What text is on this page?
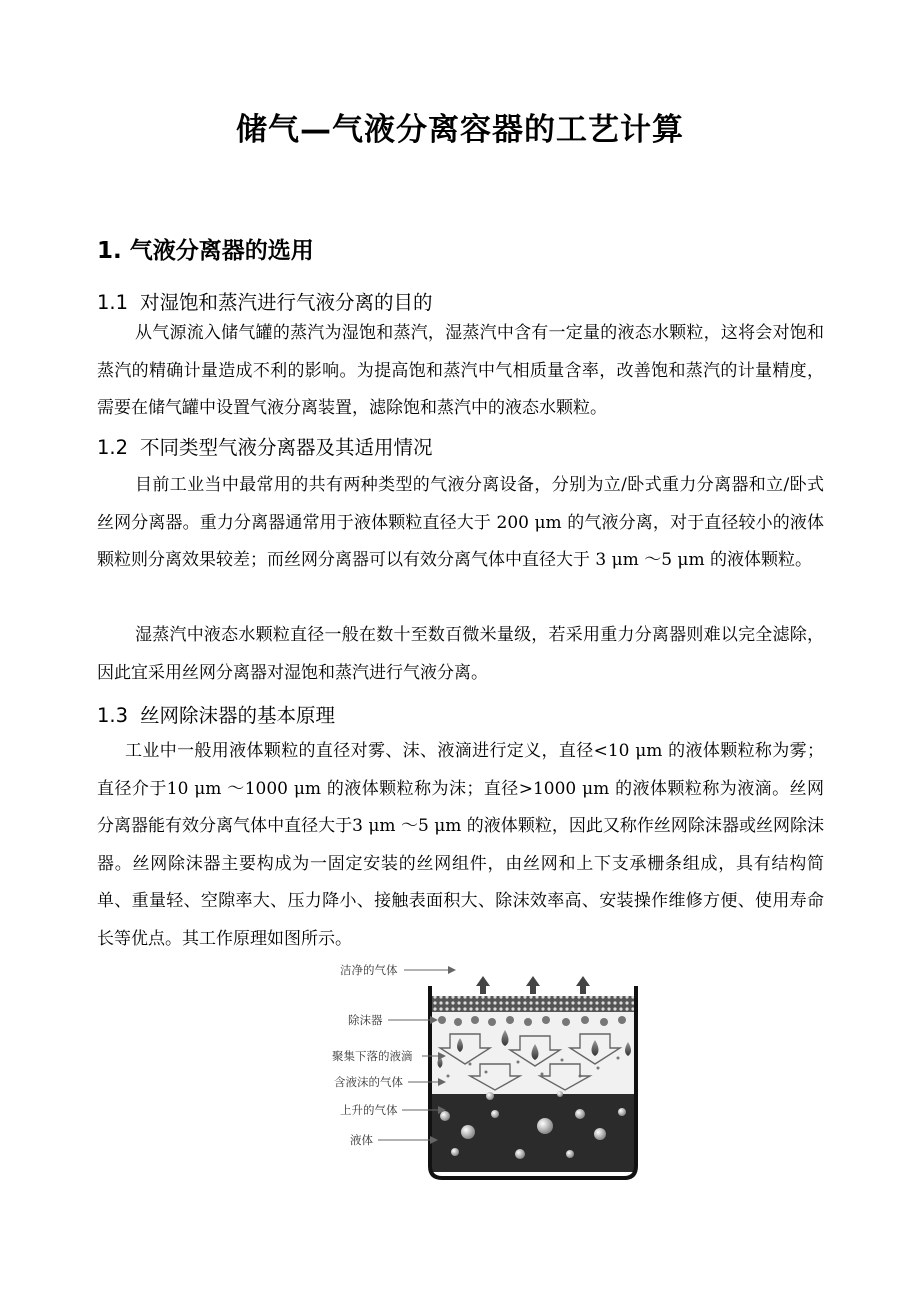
储气—气液分离容器的工艺计算
1. 气液分离器的选用
1.1 对湿饱和蒸汽进行气液分离的目的

从气源流入储气罐的蒸汽为湿饱和蒸汽，湿蒸汽中含有一定量的液态水颗粒，这将会对饱和蒸汽的精确计量造成不利的影响。为提高饱和蒸汽中气相质量含率，改善饱和蒸汽的计量精度，需要在储气罐中设置气液分离装置，滤除饱和蒸汽中的液态水颗粒。

1.2 不同类型气液分离器及其适用情况

目前工业当中最常用的共有两种类型的气液分离设备，分别为立/卧式重力分离器和立/卧式丝网分离器。重力分离器通常用于液体颗粒直径大于 200 μm 的气液分离，对于直径较小的液体颗粒则分离效果较差；而丝网分离器可以有效分离气体中直径大于 3 μm ～5 μm 的液体颗粒。

湿蒸汽中液态水颗粒直径一般在数十至数百微米量级，若采用重力分离器则难以完全滤除，因此宜采用丝网分离器对湿饱和蒸汽进行气液分离。

1.3 丝网除沫器的基本原理

工业中一般用液体颗粒的直径对雾、沫、液滴进行定义，直径<10 μm 的液体颗粒称为雾；直径介于10 μm ～1000 μm 的液体颗粒称为沫；直径>1000 μm 的液体颗粒称为液滴。丝网分离器能有效分离气体中直径大于3 μm ～5 μm 的液体颗粒，因此又称作丝网除沫器或丝网除沫器。丝网除沫器主要构成为一固定安装的丝网组件，由丝网和上下支承栅条组成，具有结构简单、重量轻、空隙率大、压力降小、接触表面积大、除沫效率高、安装操作维修方便、使用寿命长等优点。其工作原理如图所示。

洁净的气体
除沫器
聚集下落的液滴
含液沫的气体
上升的气体
液体
